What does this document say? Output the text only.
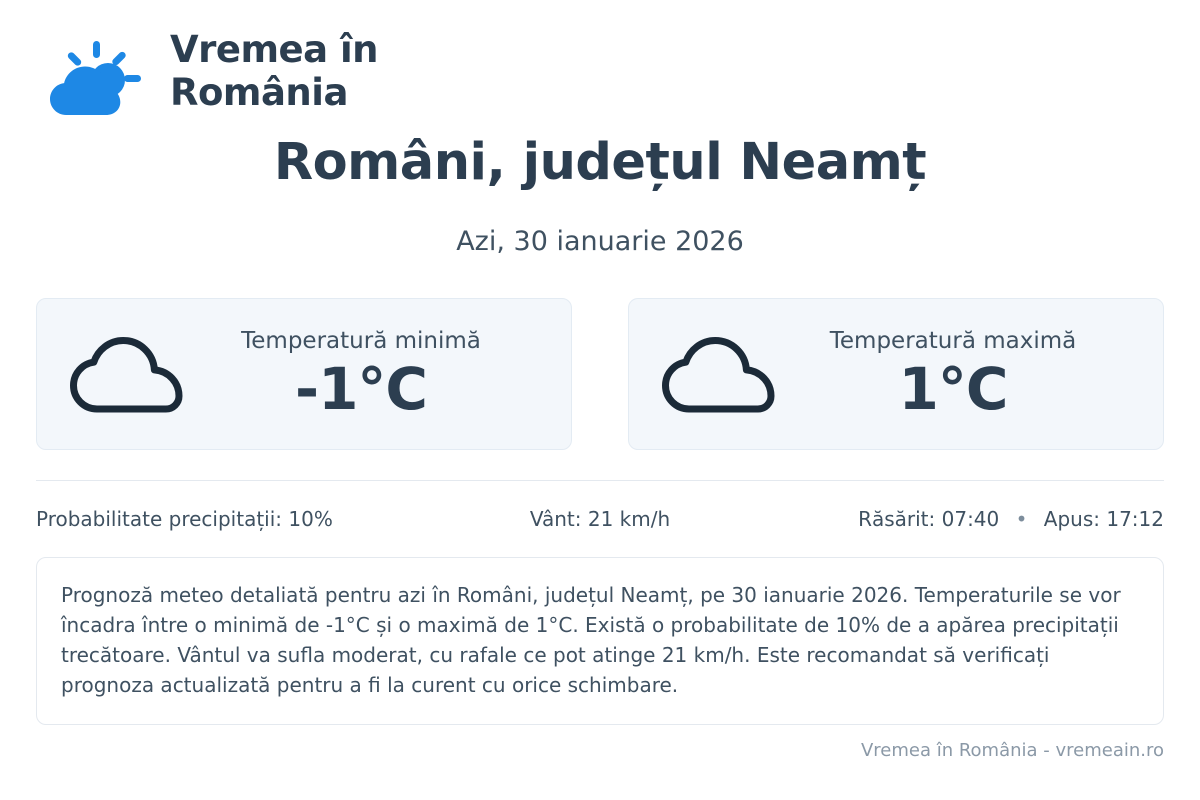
Vremea în
România
Români, județul Neamț
Azi, 30 ianuarie 2026
Temperatură minimă
-1°C
Temperatură maximă
1°C
Probabilitate precipitații: 10%	Vânt: 21 km/h	Răsărit: 07:40 • Apus: 17:12
Prognoză meteo detaliată pentru azi în Români, județul Neamț, pe 30 ianuarie 2026. Temperaturile se vor încadra între o minimă de -1°C și o maximă de 1°C. Există o probabilitate de 10% de a apărea precipitații trecătoare. Vântul va sufla moderat, cu rafale ce pot atinge 21 km/h. Este recomandat să verificați prognoza actualizată pentru a fi la curent cu orice schimbare.
Vremea în România - vremeain.ro
